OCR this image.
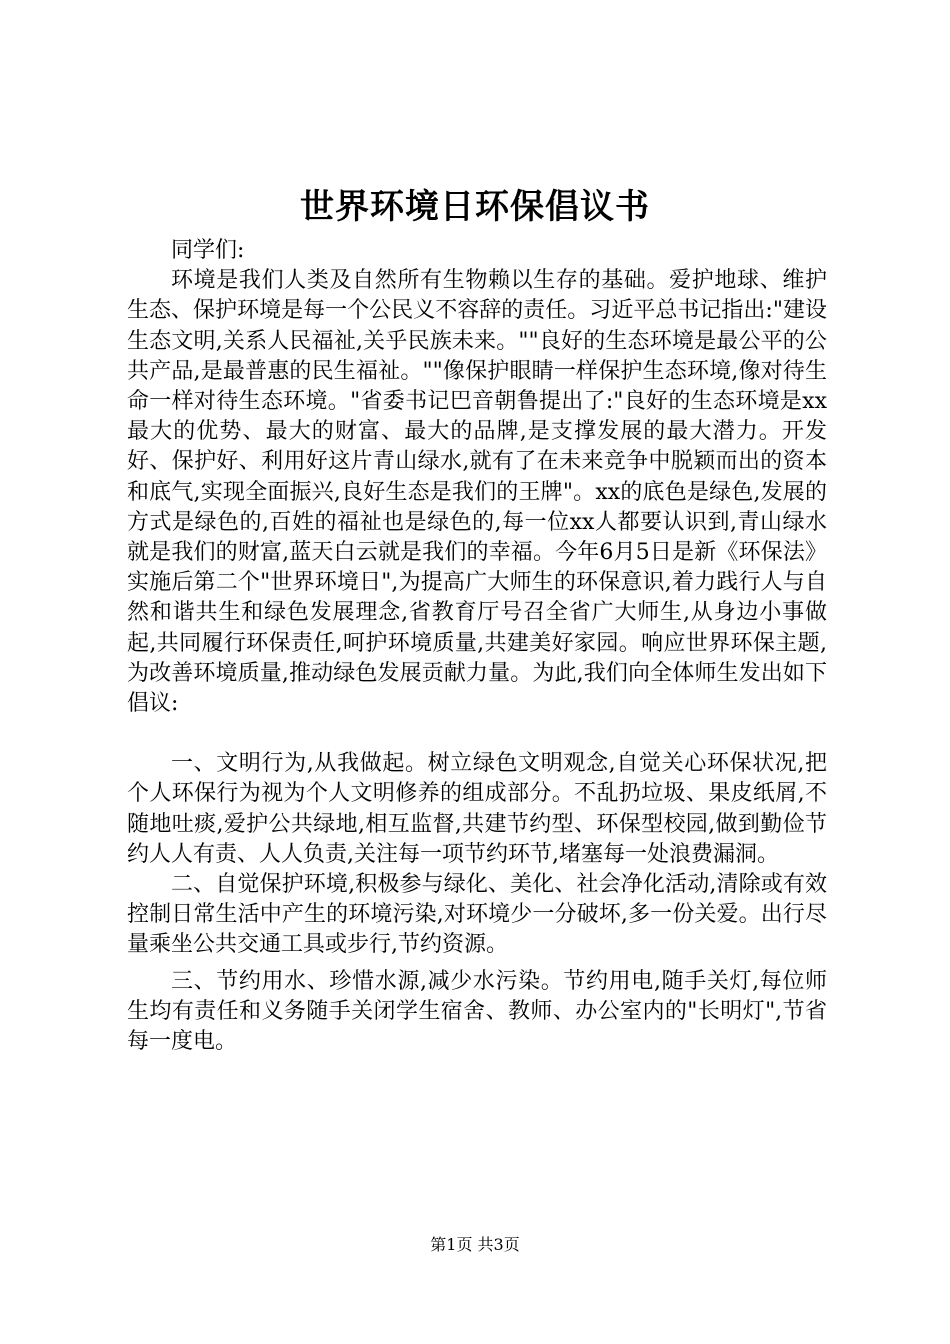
世界环境日环保倡议书

同学们:

环境是我们人类及自然所有生物赖以生存的基础。爱护地球、维护生态、保护环境是每一个公民义不容辞的责任。习近平总书记指出:"建设生态文明,关系人民福祉,关乎民族未来。""良好的生态环境是最公平的公共产品,是最普惠的民生福祉。""像保护眼睛一样保护生态环境,像对待生命一样对待生态环境。"省委书记巴音朝鲁提出了:"良好的生态环境是xx最大的优势、最大的财富、最大的品牌,是支撑发展的最大潜力。开发好、保护好、利用好这片青山绿水,就有了在未来竞争中脱颖而出的资本和底气,实现全面振兴,良好生态是我们的王牌"。xx的底色是绿色,发展的方式是绿色的,百姓的福祉也是绿色的,每一位xx人都要认识到,青山绿水就是我们的财富,蓝天白云就是我们的幸福。今年6月5日是新《环保法》实施后第二个"世界环境日",为提高广大师生的环保意识,着力践行人与自然和谐共生和绿色发展理念,省教育厅号召全省广大师生,从身边小事做起,共同履行环保责任,呵护环境质量,共建美好家园。响应世界环保主题,为改善环境质量,推动绿色发展贡献力量。为此,我们向全体师生发出如下倡议:

一、文明行为,从我做起。树立绿色文明观念,自觉关心环保状况,把个人环保行为视为个人文明修养的组成部分。不乱扔垃圾、果皮纸屑,不随地吐痰,爱护公共绿地,相互监督,共建节约型、环保型校园,做到勤俭节约人人有责、人人负责,关注每一项节约环节,堵塞每一处浪费漏洞。

二、自觉保护环境,积极参与绿化、美化、社会净化活动,清除或有效控制日常生活中产生的环境污染,对环境少一分破坏,多一份关爱。出行尽量乘坐公共交通工具或步行,节约资源。

三、节约用水、珍惜水源,减少水污染。节约用电,随手关灯,每位师生均有责任和义务随手关闭学生宿舍、教师、办公室内的"长明灯",节省每一度电。

第1页 共3页
